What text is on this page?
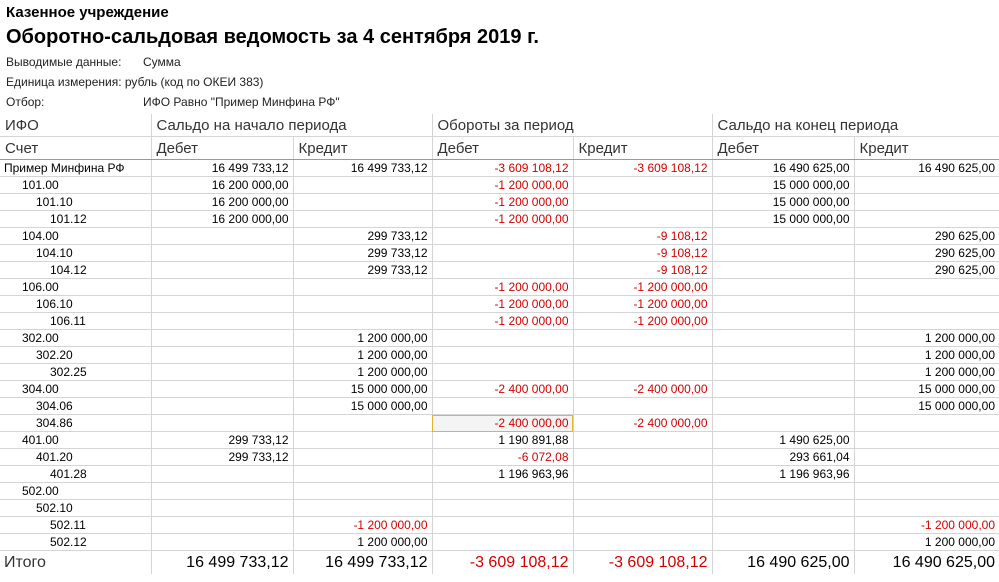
Казенное учреждение
Оборотно-сальдовая ведомость за 4 сентября 2019 г.
Выводимые данные: Сумма
Единица измерения: рубль (код по ОКЕИ 383)
Отбор:	ИФО Равно "Пример Минфина РФ"
ИФО	Сальдо на начало периода		Обороты за период		Сальдо на конец периода	
Счет	Дебет	Кредит	Дебет	Кредит	Дебет	Кредит
Пример Минфина РФ	16 499 733,12	16 499 733,12	-3 609 108,12	-3 609 108,12	16 490 625,00	16 490 625,00
101.00	16 200 000,00		-1 200 000,00		15 000 000,00	
101.10	16 200 000,00		-1 200 000,00		15 000 000,00	
101.12	16 200 000,00		-1 200 000,00		15 000 000,00	
104.00		299 733,12		-9 108,12		290 625,00
104.10		299 733,12		-9 108,12		290 625,00
104.12		299 733,12		-9 108,12		290 625,00
106.00			-1 200 000,00	-1 200 000,00		
106.10			-1 200 000,00	-1 200 000,00		
106.11			-1 200 000,00	-1 200 000,00		
302.00		1 200 000,00				1 200 000,00
302.20		1 200 000,00				1 200 000,00
302.25		1 200 000,00				1 200 000,00
304.00		15 000 000,00	-2 400 000,00	-2 400 000,00		15 000 000,00
304.06		15 000 000,00				15 000 000,00
304.86			-2 400 000,00	-2 400 000,00		
401.00	299 733,12		1 190 891,88		1 490 625,00	
401.20	299 733,12		-6 072,08		293 661,04	
401.28			1 196 963,96		1 196 963,96	
502.00						
502.10						
502.11		-1 200 000,00				-1 200 000,00
502.12		1 200 000,00				1 200 000,00
Итого	16 499 733,12	16 499 733,12	-3 609 108,12	-3 609 108,12	16 490 625,00	16 490 625,00
